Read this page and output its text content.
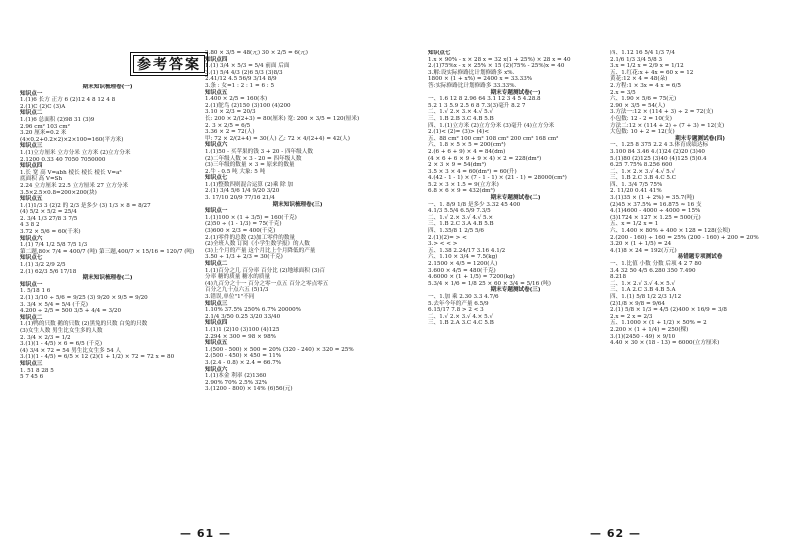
参考答案
期末知识梳理卷(一)
知识点一
1.(1)6 长方 正方 6 (2)12 4 8 12 4 8
2.(1)C (2)C (3)A
知识点二
1.(1)6 总面积 (2)98 31 (3)9
2.96 cm² 103 cm²
3.20 厘米=0.2 米
(4×0.2+0.2×2)×2×100=160(平方米)
知识点三
1.(1)立方厘米 立方分米 立方米 (2)立方分米
2.1200 0.33 40 7050 7050000
知识点四
1.长 宽 高 V=abh 棱长 棱长 棱长 V=a³
底面积 高 V=Sh
2.24 立方厘米 22.5 立方厘米 27 立方分米
3.5×2.5×0.8=200×200(块)
知识点五
1.(1)1/3 3 (2)2 的 2/3 是多少 (3) 1/3 × 8 = 8/27
(4) 5/2 × 5/2 = 25/4
2. 3/4 1/3 27/8 3 7/5
4 3 8 2
3.72 × 5/6 = 60(千米)
知识点六
1.(1) 7/4 1/2 5/8 7/5 1/3
第二题,80× 7/4 = 400/7 (吨) 第三题,400/7 × 15/16 = 120/7 (吨)
知识点七
1.(1) 3/2 2/9 2/5
2.(1) 62/3 5/6 17/18
期末知识梳理卷(二)
知识点一
1. 5/18 1 6
2.(1) 3/10 ÷ 5/6 = 9/25 (3) 9/20 × 9/5 = 9/20
3. 3/4 × 5/4 = 5/4 (千克)
4.200 ÷ 2/5 = 500 3/5 + 4/4 = 3/20
知识点二
1.(1)鸭的只数 鹅的只数 (2)黑兔的只数 白兔的只数
(3)女生人数 男生比女生多的人数
2. 3/4 × 2/3 = 1/2
3.(1)(1 - 4/5) × 6 = 6/5 (千克)
(4) 3/4 × 72 = 54 男生比女生多 54 人
3.(1)(1 - 4/5) = 6/5 × 12 (2)(1 + 1/2) × 72 = 72 x = 80
知识点三
1. 51 8 28 5
5 7 45 6
2.80 × 3/5 = 48(元) 30 × 2/5 = 6(元)
知识点四
1.(1) 3/4 × 5/3 = 5/4 前面 后面
3.(1) 5/4 4/3 (2)6 5/3 (3)8/3
2.41/12 4.5 56/9 3/14 8/9
3.条 : 女=1 : 2 : 1 = 6 : 5
知识点五
1.400 × 2/5 = 160(本)
2.(1)鸵鸟 (2)150 (3)100 (4)200
3.10 × 2/3 = 20/3
长: 200 × 2/(2+3) = 80(厘米) 宽: 200 × 3/5 = 120(厘米)
2. 3 × 2/5 = 6/5
3.36 × 2 = 72(人)
甲: 72 × 2/(2+4) = 30(人) 乙: 72 × 4/(2+4) = 42(人)
知识点六
1.(1)50 - 买苹果的钱 3 + 20 - 四年级人数
(2)二年级人数 × 3 - 20 = 四年级人数
(3)三年级的数量 × 3 = 原来的数量
2.牛 - 0.5 吨 大象: 5 吨
知识点七
1.(1)整数四则混合运算 (2)乘 除 加
2.(1) 3/4 5/6 1/4 9/20 3/20
3. 17/10 20/9 77/16 21/4
期末知识梳理卷(三)
知识点一
1.(1)100 × (1 + 3/5) = 160(千克)
(2)50 ÷ (1 - 1/3) = 75(千克)
(3)600 × 2/3 = 400(千克)
2.(1)零件的总数 (2)加工零件的数量
(2)全班人数 订阅《小学生数学报》的人数
(3)上个月的产量 这个月比上个月降低的产量
3.50 ÷ 1/3 + 2/3 = 30(千克)
知识点二
1.(1)百分之几 百分率 百分比 (2)地球面积 (3)百
分率 糖的质量 糖水的质量
(4)九百分之十一 百分之零一点五 百分之零点零五
百分之九十点六五 (5)1/3
3.错误,单位"1"不同
知识点三
1.10% 37.5% 250% 6.7% 20000%
2.1/4 3/50 0.25 3/20 33/40
知识点四
1.(1)1 (2)10 (3)100 (4)125
2.294 × 300 = 98 × 98%
知识点五
1.(500 - 500) × 500 = 20% (320 - 240) × 320 = 25%
2.(500 - 450) × 450 = 11%
3.(2.4 - 0.8) × 2.4 = 66.7%
知识点六
1.(1)本金 利率 (2)1360
2.90% 70% 2.5% 32%
3.(1200 - 800) × 14% (6)56(元)
— 61 —
知识点七
1.x × 90% - x × 28 x = 32 x(1 + 25%) × 28 x = 40
2.(1)75%x - x × 25% × 15 (2)(75% - 25%)x = 40
3.解:设实际修路比计划修路多 x%.
1800 × (1 + x%) = 2400 x = 33.33%
答:实际修路比计划修路多 33.33%.
期末专题测试卷(一)
一、1.6 12 8 2.96 64 3.1 12 3 4 5 4.28.8
5.2 1 3 5.9 2.5 6 8 7.3(3)毫升 8.2 7
二、1.√ 2.× 3.× 4.√ 5.√
三、1.B 2.B 3.C 4.B 5.B
四、1.(1)立方米 (2)立方分米 (3)毫升 (4)立方分米
2.(1)< (2)= (3)> (4)<
五、88 cm² 100 cm² 108 cm² 200 cm² 168 cm²
六、1.8 × 5 × 5 = 200(cm³)
2.(6 + 6 + 9) × 4 = 84(dm)
(4 × 6 + 6 × 9 + 9 × 4) × 2 = 228(dm²)
2 × 3 × 9 = 54(dm³)
3.5 × 3 × 4 = 60(dm³) = 60(升)
4.(42 - 1 - 1) × (7 - 1 - 1) × (21 - 1) = 28000(cm³)
5.2 × 3 × 1.5 = 9(立方米)
6.8 × 6 × 9 = 432(dm³)
期末专题测试卷(二)
一、1. 8/9 1/8 是多少 3.32 45 400
4.1/3 5.5/4 6.5/9 7.3/5
二、1.√ 2.× 3.√ 4.√ 5.×
三、1.B 2.C 3.A 4.B 5.B
四、1.35/8 1 2/5 5/6
2.(1)(2)= > <
3.> < < >
五、1.38 2.24/17 3.16 4.1/2
六、1.10 × 3/4 = 7.5(kg)
2.1500 × 4/5 = 1200(人)
3.600 × 4/5 = 480(千克)
4.6000 × (1 + 1/5) = 7200(kg)
5.3/4 × 1/6 = 1/8 25 × 60 × 3/4 = 5/16 (吨)
期末专题测试卷(三)
一、1.加 乘 2.30 3.3 4.7/6
5.去年今年的产量 6.5/9
6.15/17 7.8 > 2 < 3
二、1.√ 2.× 3.√ 4.× 5.√
三、1.B 2.A 3.C 4.C 5.B
四、1.12 16 5/4 1/3 7/4
2.1/6 1/3 3/4 5/8 3
3.x = 1/2 x = 2/9 x = 1/12
五、1.红花:x + 4x = 60 x = 12
黄花:12 × 4 = 48(朵)
2.方程:1 × 3x = 4 x = 6/5
2.x = 3/5
六、1.90 × 5/6 = 75(元)
2.90 × 3/5 = 54(人)
3.方法一:12 × (114 + 3) ÷ 2 = 72(支)
小包数: 12 - 2 = 10(支)
方法二:12 × (114 + 2) ÷ (7 + 3) = 12(支)
大包数: 10 + 2 = 12(支)
期末专题测试卷(四)
一、1.25 8 375 2.2 4 3.体育成绩达标
3.100 84 3.46 4.(1)24 (2)20 (3)40
5.(1)80 (2)125 (3)40 (4)125 (5)0.4
6.25 7.75% 8.256 600
二、1.× 2.× 3.√ 4.√ 5.√
三、1.B 2.C 3.B 4.C 5.C
四、1. 3/4 7/5 75%
2. 11/20 0.41 41%
3.(1)35 × (1 + 2%) = 35.7(吨)
(2)45 × 37.5% = 16.875 ≈ 16 支
4.(1)4600 - 4000 ÷ 4000 = 15%
(3)1724 × 127 × 1.25 = 500(元)
五、x = 1/2 x = 1
六、1.400 × 80% + 400 × 128 = 128(公顷)
2.(200 - 160) ÷ 160 = 25% (200 - 160) + 200 = 20%
3.20 × (1 + 1/5) = 24
4.(1)8 × 24 = 192(万元)
易错题专项测试卷
一、1.比值 小数 分数 后项 4 2 7 80
3.4 32 50 4/5 6.280 350 7.490
8.218
二、1.× 2.√ 3.√ 4.× 5.√
三、1.A 2.C 3.B 4.B 5.A
四、1.(1) 5/8 1/2 2/3 1/12
(2)1/8 × 9/8 = 9/64
2.(1) 5/8 × 1/3 = 4/5 (2)400 × 16/9 = 3/8
2.x = 2 x = 2/3
五、1.1000 × (1 + 1/2) × 50% = 2
2.200 × (1 + 1/4) = 250(棵)
3.(1)(2450 - 49) × 9/10
4.40 × 30 × (18 - 13) = 6000(立方厘米)
— 62 —
